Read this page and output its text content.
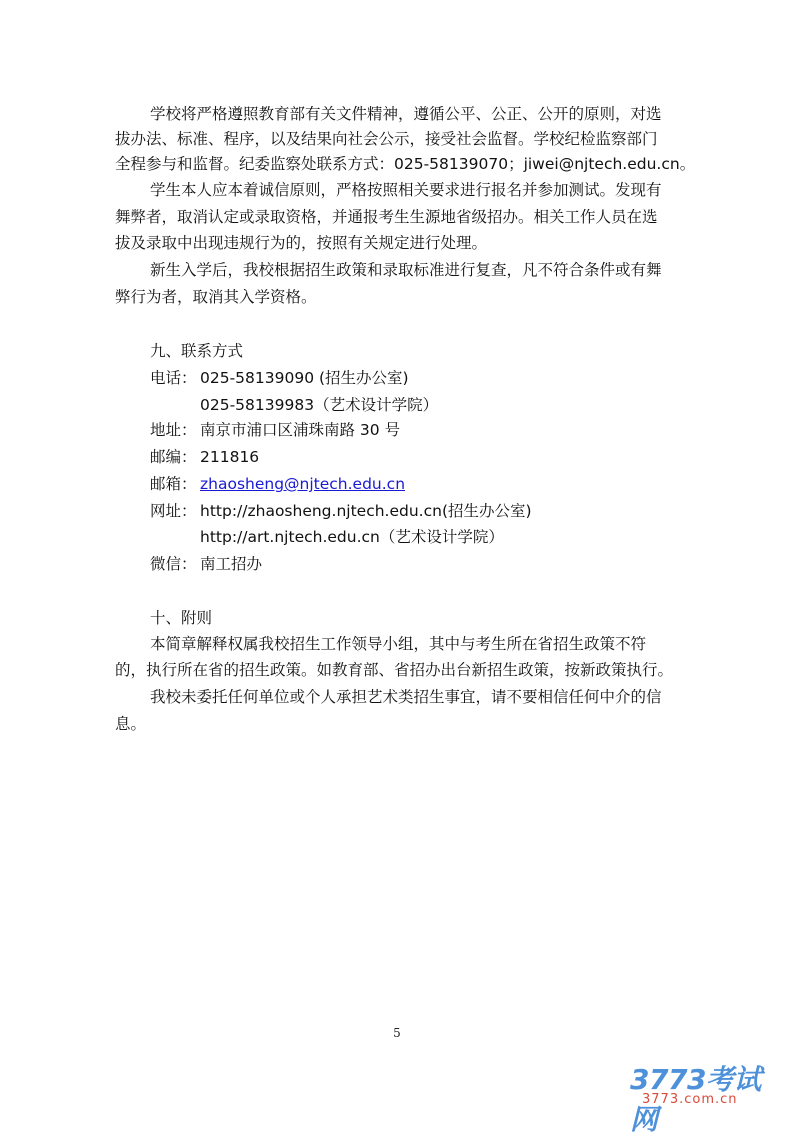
学校将严格遵照教育部有关文件精神，遵循公平、公正、公开的原则，对选
拔办法、标准、程序，以及结果向社会公示，接受社会监督。学校纪检监察部门
全程参与和监督。纪委监察处联系方式：025-58139070；jiwei@njtech.edu.cn。
学生本人应本着诚信原则，严格按照相关要求进行报名并参加测试。发现有
舞弊者，取消认定或录取资格，并通报考生生源地省级招办。相关工作人员在选
拔及录取中出现违规行为的，按照有关规定进行处理。
新生入学后，我校根据招生政策和录取标准进行复查，凡不符合条件或有舞
弊行为者，取消其入学资格。
九、联系方式
电话： 025-58139090 (招生办公室)
025-58139983（艺术设计学院）
地址： 南京市浦口区浦珠南路 30 号
邮编： 211816
邮箱： zhaosheng@njtech.edu.cn
网址： http://zhaosheng.njtech.edu.cn(招生办公室)
http://art.njtech.edu.cn（艺术设计学院）
微信： 南工招办
十、附则
本简章解释权属我校招生工作领导小组，其中与考生所在省招生政策不符
的，执行所在省的招生政策。如教育部、省招办出台新招生政策，按新政策执行。
我校未委托任何单位或个人承担艺术类招生事宜，请不要相信任何中介的信
息。
5
3773考试网
3773.com.cn
